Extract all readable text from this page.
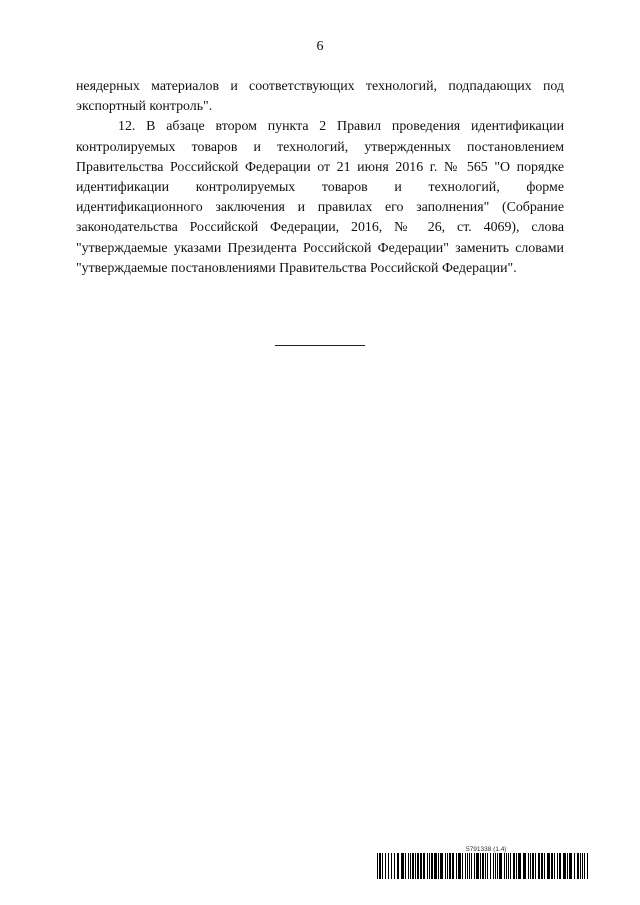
6

неядерных материалов и соответствующих технологий, подпадающих под экспортный контроль".

12. В абзаце втором пункта 2 Правил проведения идентификации контролируемых товаров и технологий, утвержденных постановлением Правительства Российской Федерации от 21 июня 2016 г. № 565 "О порядке идентификации контролируемых товаров и технологий, форме идентификационного заключения и правилах его заполнения" (Собрание законодательства Российской Федерации, 2016, № 26, ст. 4069), слова "утверждаемые указами Президента Российской Федерации" заменить словами "утверждаемые постановлениями Правительства Российской Федерации".

5791338 (1.4)
